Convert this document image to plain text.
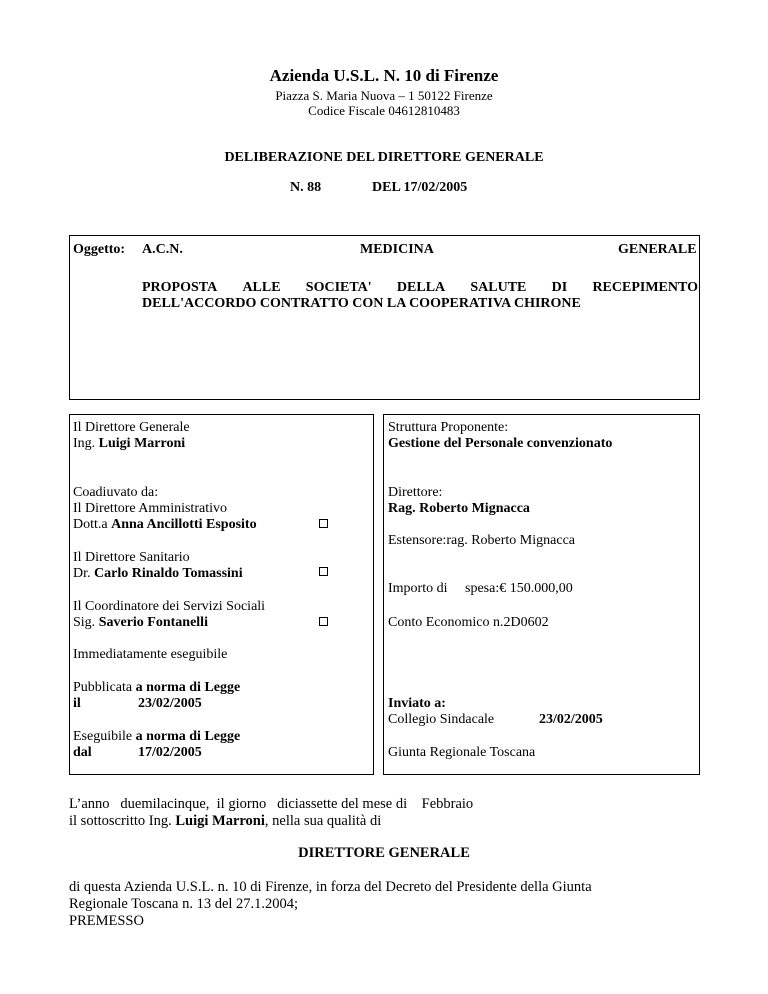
Azienda U.S.L. N. 10 di Firenze
Piazza S. Maria Nuova – 1 50122 Firenze
Codice Fiscale 04612810483
DELIBERAZIONE DEL DIRETTORE GENERALE
N. 88	DEL 17/02/2005
Oggetto: A.C.N.	MEDICINA	GENERALE
PROPOSTA ALLE SOCIETA' DELLA SALUTE DI RECEPIMENTO
DELL'ACCORDO CONTRATTO CON LA COOPERATIVA CHIRONE
Il Direttore Generale
Ing. Luigi Marroni
Coadiuvato da:
Il Direttore Amministrativo
Dott.a Anna Ancillotti Esposito
Il Direttore Sanitario
Dr. Carlo Rinaldo Tomassini
Il Coordinatore dei Servizi Sociali
Sig. Saverio Fontanelli
Immediatamente eseguibile
Pubblicata a norma di Legge
il	23/02/2005
Eseguibile a norma di Legge
dal	17/02/2005
Struttura Proponente:
Gestione del Personale convenzionato
Direttore:
Rag. Roberto Mignacca
Estensore:rag. Roberto Mignacca
Importo di spesa:€ 150.000,00
Conto Economico n.2D0602
Inviato a:
Collegio Sindacale	23/02/2005
Giunta Regionale Toscana
L’anno duemilacinque, il giorno diciassette del mese di Febbraio
il sottoscritto Ing. Luigi Marroni, nella sua qualità di
DIRETTORE GENERALE
di questa Azienda U.S.L. n. 10 di Firenze, in forza del Decreto del Presidente della Giunta
Regionale Toscana n. 13 del 27.1.2004;
PREMESSO
